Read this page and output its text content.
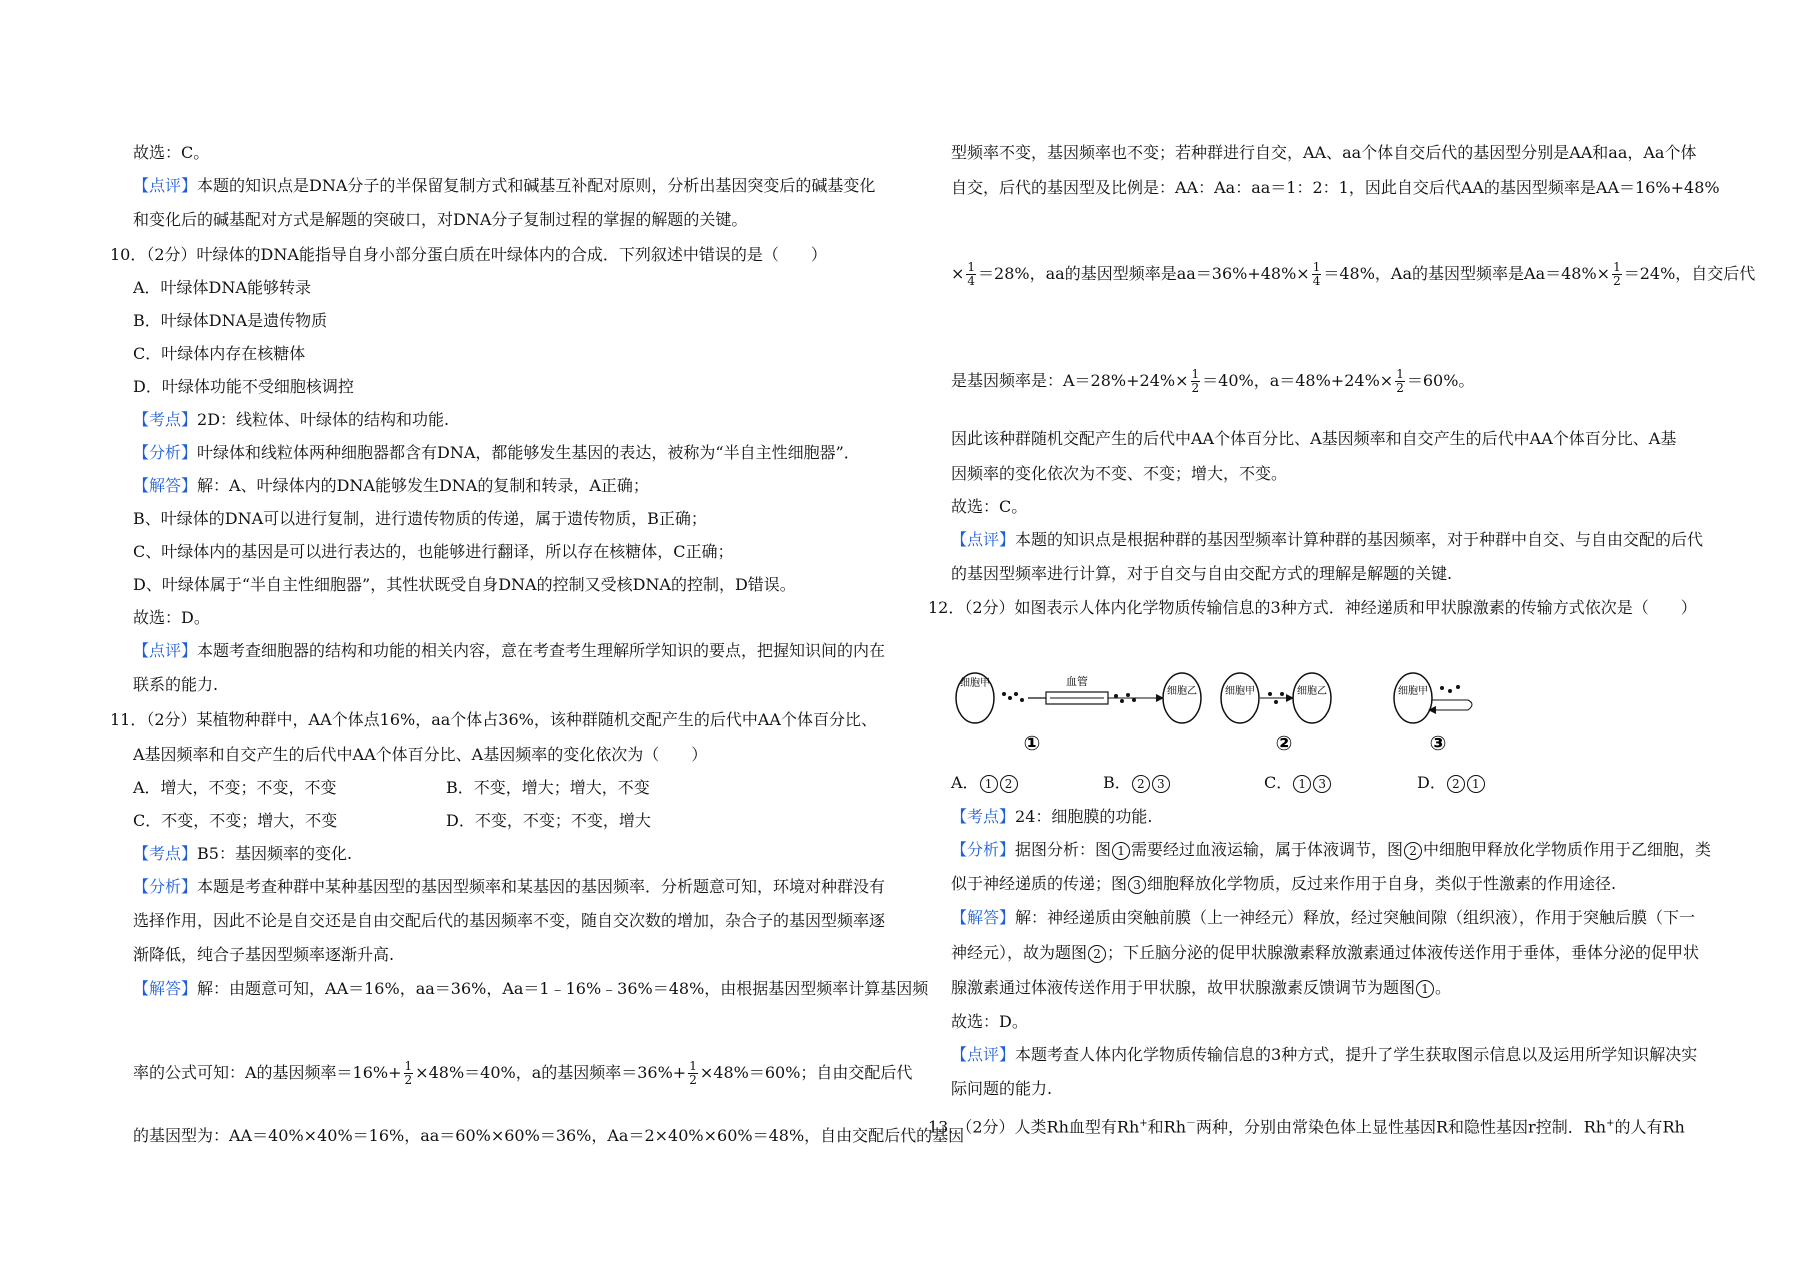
故选：C。
【点评】本题的知识点是DNA分子的半保留复制方式和碱基互补配对原则，分析出基因突变后的碱基变化
和变化后的碱基配对方式是解题的突破口，对DNA分子复制过程的掌握的解题的关键。
10．（2分）叶绿体的DNA能指导自身小部分蛋白质在叶绿体内的合成．下列叙述中错误的是（　　）
A．叶绿体DNA能够转录
B．叶绿体DNA是遗传物质
C．叶绿体内存在核糖体
D．叶绿体功能不受细胞核调控
【考点】2D：线粒体、叶绿体的结构和功能.
【分析】叶绿体和线粒体两种细胞器都含有DNA，都能够发生基因的表达，被称为“半自主性细胞器”．
【解答】解：A、叶绿体内的DNA能够发生DNA的复制和转录，A正确；
B、叶绿体的DNA可以进行复制，进行遗传物质的传递，属于遗传物质，B正确；
C、叶绿体内的基因是可以进行表达的，也能够进行翻译，所以存在核糖体，C正确；
D、叶绿体属于“半自主性细胞器”，其性状既受自身DNA的控制又受核DNA的控制，D错误。
故选：D。
【点评】本题考查细胞器的结构和功能的相关内容，意在考查考生理解所学知识的要点，把握知识间的内在
联系的能力.
11．（2分）某植物种群中，AA个体点16%，aa个体占36%，该种群随机交配产生的后代中AA个体百分比、
A基因频率和自交产生的后代中AA个体百分比、A基因频率的变化依次为（　　）
A．增大，不变；不变，不变	B．不变，增大；增大，不变
C．不变，不变；增大，不变	D．不变，不变；不变，增大
【考点】B5：基因频率的变化.
【分析】本题是考查种群中某种基因型的基因型频率和某基因的基因频率．分析题意可知，环境对种群没有
选择作用，因此不论是自交还是自由交配后代的基因频率不变，随自交次数的增加，杂合子的基因型频率逐
渐降低，纯合子基因型频率逐渐升高.
【解答】解：由题意可知，AA＝16%，aa＝36%，Aa＝1﹣16%﹣36%＝48%，由根据基因型频率计算基因频
率的公式可知：A的基因频率$=16\%+ \frac{1}{2} \times 48\%=40\%$，a的基因频率$=36\%+ \frac{1}{2} \times 48\%=60\%$；自由交配后代
的基因型为：AA＝40%×40%＝16%，aa＝60%×60%＝36%，Aa＝2×40%×60%＝48%，自由交配后代的基因
型频率不变，基因频率也不变；若种群进行自交，AA、aa个体自交后代的基因型分别是AA和aa，Aa个体
自交，后代的基因型及比例是：AA：Aa：aa＝1：2：1，因此自交后代AA的基因型频率是AA＝16%+48%
× $\frac{1}{4} =28\%$，aa的基因型频率是$aa=36\%+48\%\times \frac{1}{4} =48\%$，Aa的基因型频率是$Aa=48\%\times \frac{1}{2} =24\%$，自交后代
是基因频率是：$A=28\%+24\%\times \frac{1}{2} =40\%$，$a=48\%+24\%\times \frac{1}{2} =60\%$。
因此该种群随机交配产生的后代中AA个体百分比、A基因频率和自交产生的后代中AA个体百分比、A基
因频率的变化依次为不变、不变；增大，不变。
故选：C。
【点评】本题的知识点是根据种群的基因型频率计算种群的基因频率，对于种群中自交、与自由交配的后代
的基因型频率进行计算，对于自交与自由交配方式的理解是解题的关键.
12．（2分）如图表示人体内化学物质传输信息的3种方式．神经递质和甲状腺激素的传输方式依次是（　　）
A． 1 2	B． 2 3	C． 1 3	D． 2 1
【考点】24：细胞膜的功能.
【分析】据图分析：图 1 需要经过血液运输，属于体液调节，图 2 中细胞甲释放化学物质作用于乙细胞，类
似于神经递质的传递；图 3 细胞释放化学物质，反过来作用于自身，类似于性激素的作用途径.
【解答】解：神经递质由突触前膜（上一神经元）释放，经过突触间隙（组织液），作用于突触后膜（下一
神经元），故为题图 2 ；下丘脑分泌的促甲状腺激素释放激素通过体液传送作用于垂体，垂体分泌的促甲状
腺激素通过体液传送作用于甲状腺，故甲状腺激素反馈调节为题图 1 。
故选：D。
【点评】本题考查人体内化学物质传输信息的3种方式，提升了学生获取图示信息以及运用所学知识解决实
际问题的能力.
13．（2分）人类Rh血型有Rh+和Rh－两种，分别由常染色体上显性基因R和隐性基因r控制．Rh+的人有Rh
细胞甲	血管
细胞乙
①
细胞甲	细胞乙
②
细胞甲
③
